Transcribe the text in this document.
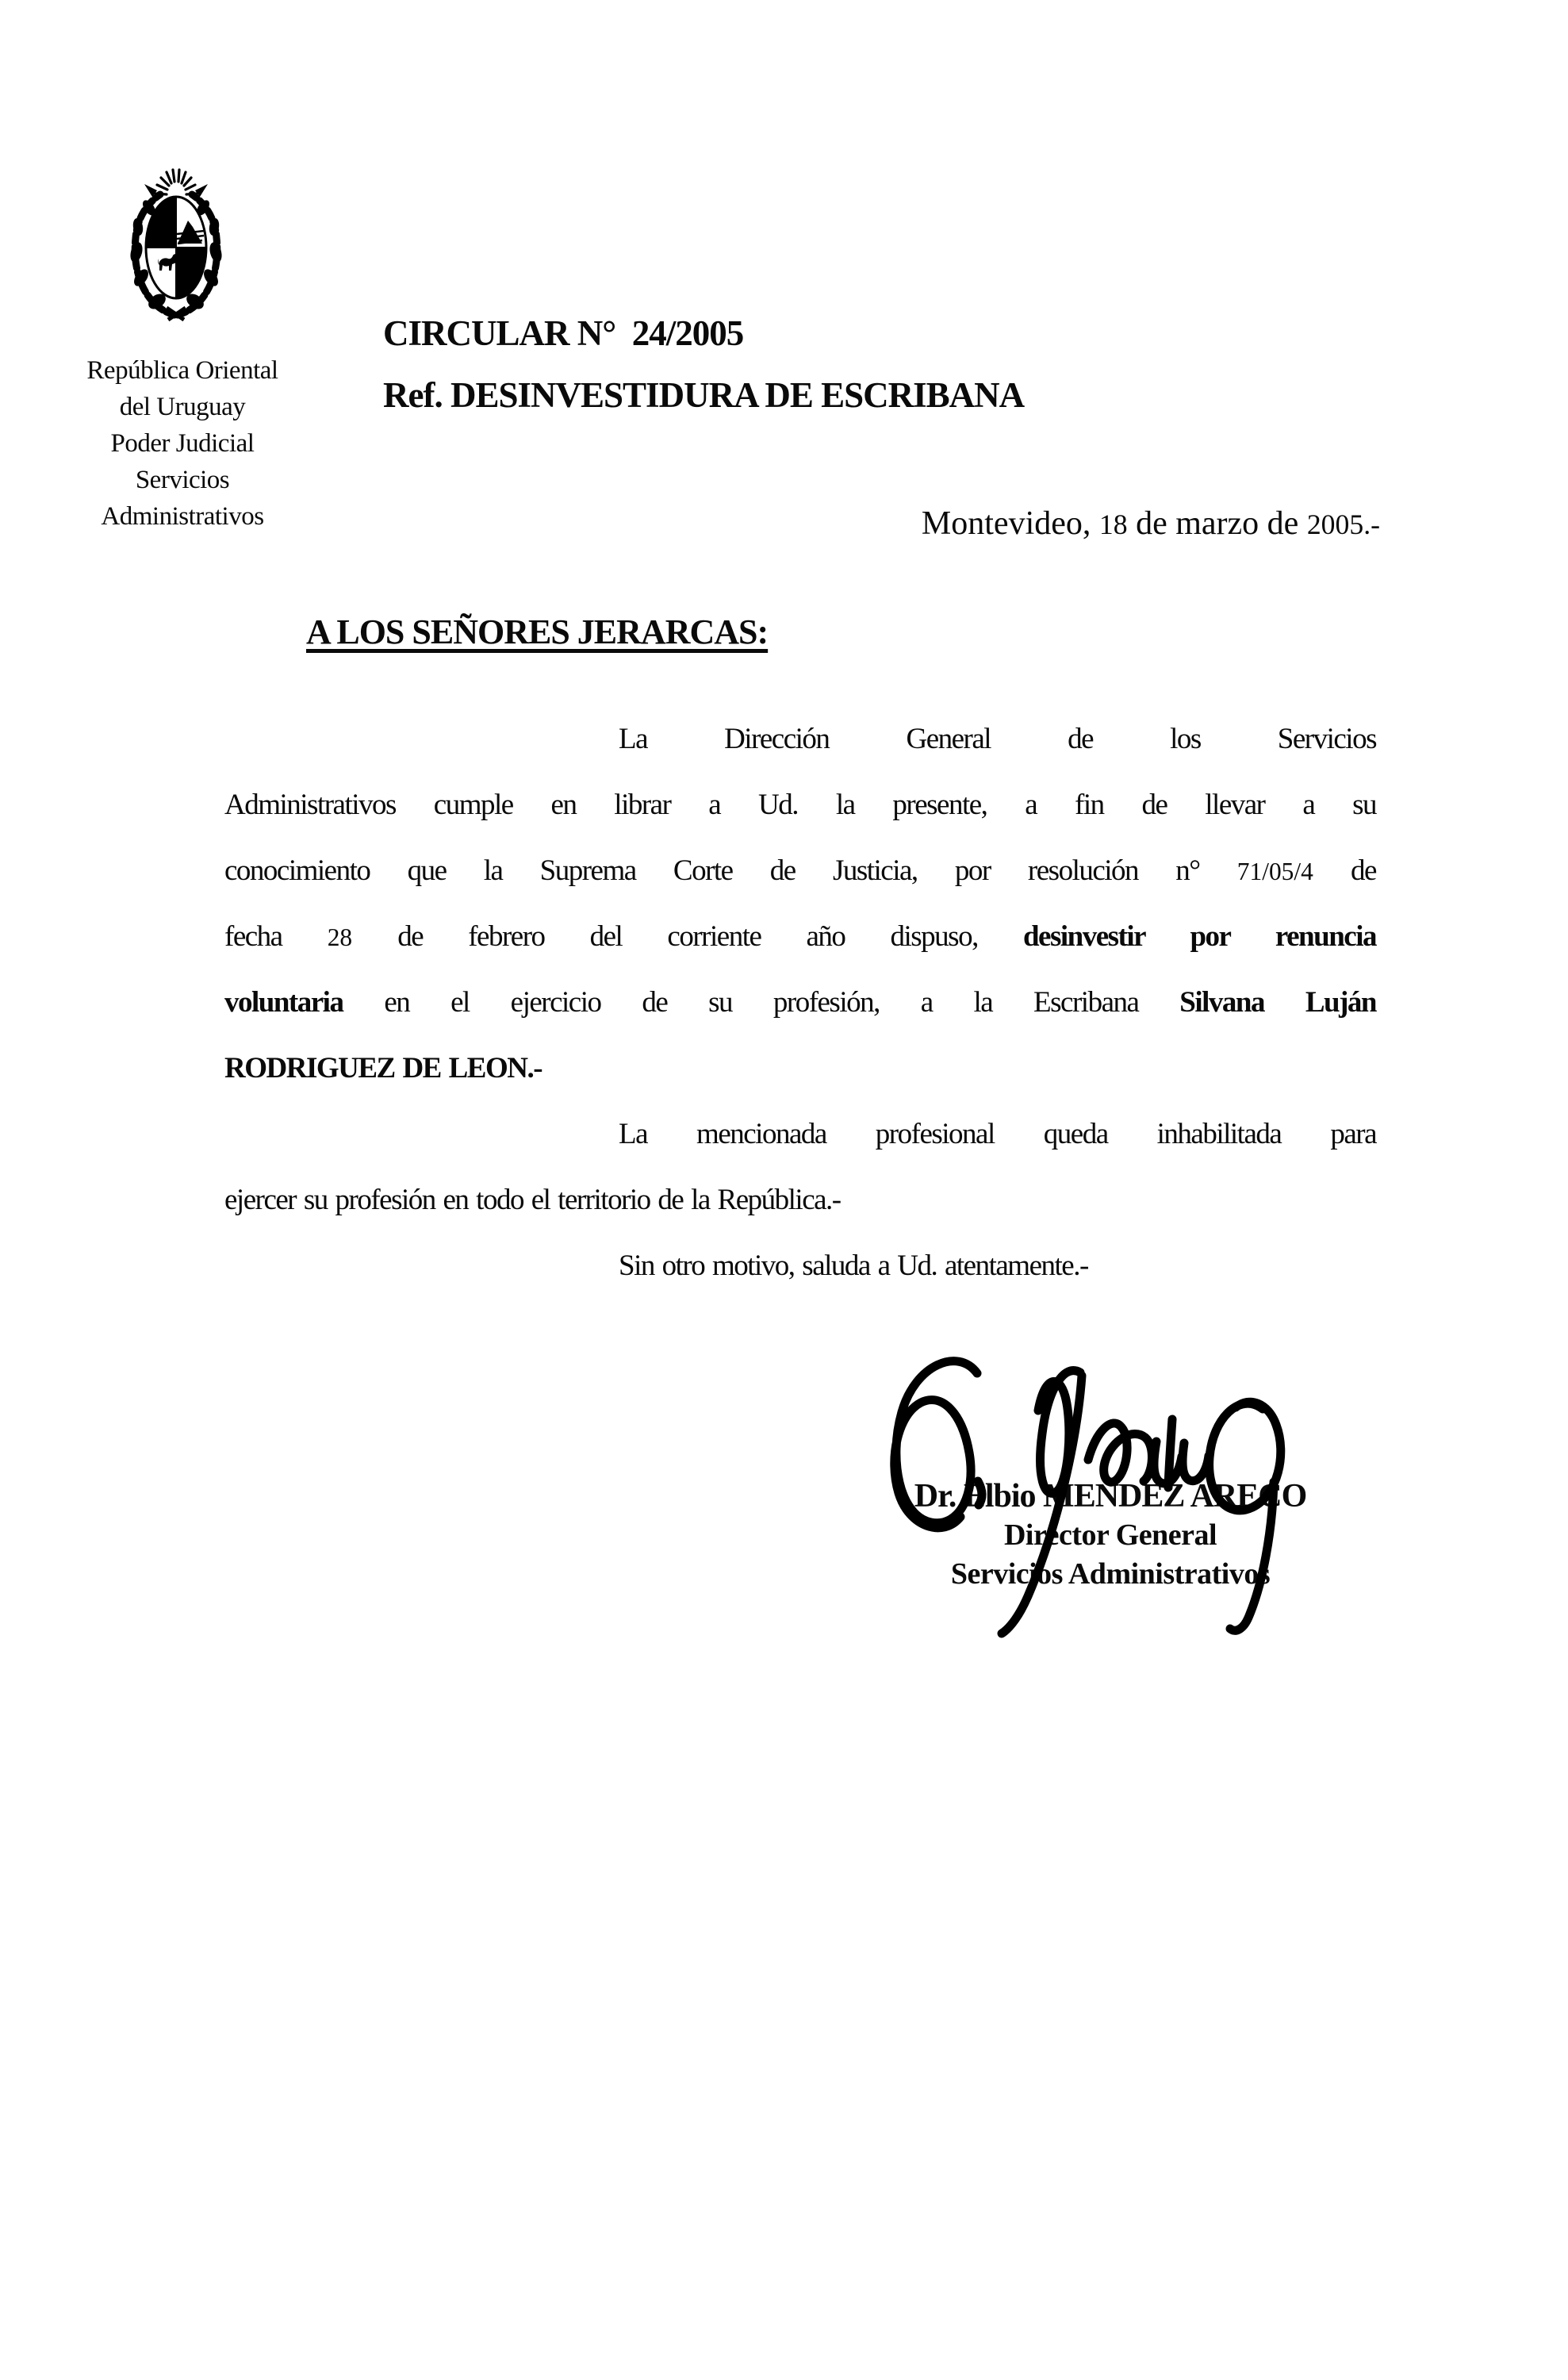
República Oriental
del Uruguay
Poder Judicial
Servicios
Administrativos
CIRCULAR N°  24/2005
Ref. DESINVESTIDURA DE ESCRIBANA
Montevideo, 18 de marzo de 2005.-
A LOS SEÑORES JERARCAS:
La Dirección General de los Servicios
Administrativos cumple en librar a Ud. la presente, a fin de llevar a su
conocimiento que la Suprema Corte de Justicia, por resolución n° 71/05/4 de
fecha 28 de febrero del corriente año dispuso, desinvestir por renuncia
voluntaria en el ejercicio de su profesión, a la Escribana Silvana Luján
RODRIGUEZ DE LEON.-
La mencionada profesional queda inhabilitada para
ejercer su profesión en todo el territorio de la República.-
Sin otro motivo, saluda a Ud. atentamente.-
Dr. Elbio MENDEZ ARECO
Director General
Servicios Administrativos
